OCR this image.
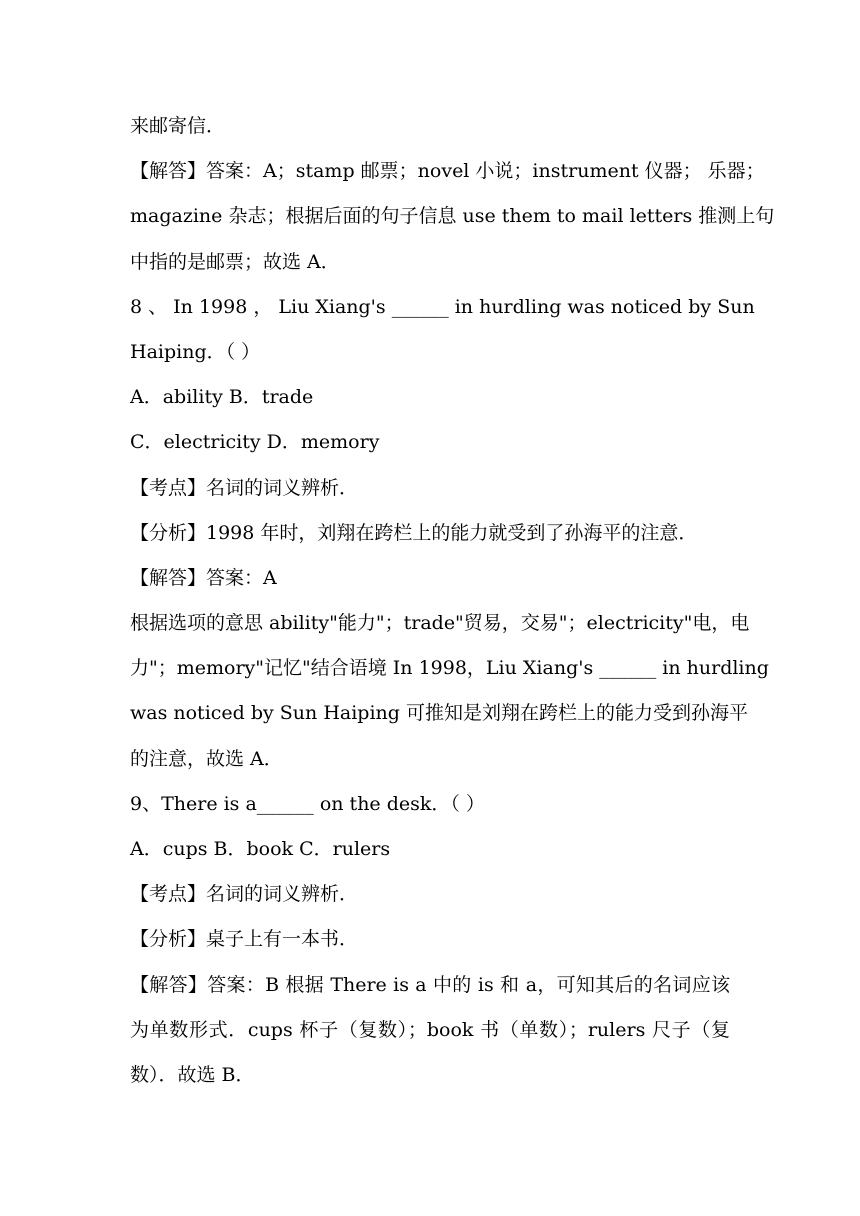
来邮寄信．
【解答】答案：A；stamp 邮票；novel 小说；instrument 仪器； 乐器；
magazine 杂志；根据后面的句子信息 use them to mail letters 推测上句
中指的是邮票；故选 A．
8 、 In 1998 ， Liu Xiang's ______ in hurdling was noticed by Sun
Haiping．（ ）
A．ability B．trade
C．electricity D．memory
【考点】名词的词义辨析．
【分析】1998 年时，刘翔在跨栏上的能力就受到了孙海平的注意．
【解答】答案：A
根据选项的意思 ability"能力"；trade"贸易，交易"；electricity"电，电
力"；memory"记忆"结合语境 In 1998，Liu Xiang's ______ in hurdling
was noticed by Sun Haiping 可推知是刘翔在跨栏上的能力受到孙海平
的注意，故选 A．
9、There is a______ on the desk．（ ）
A．cups B．book C．rulers
【考点】名词的词义辨析．
【分析】桌子上有一本书．
【解答】答案：B 根据 There is a 中的 is 和 a，可知其后的名词应该
为单数形式．cups 杯子（复数）；book 书（单数）；rulers 尺子（复
数）．故选 B．
